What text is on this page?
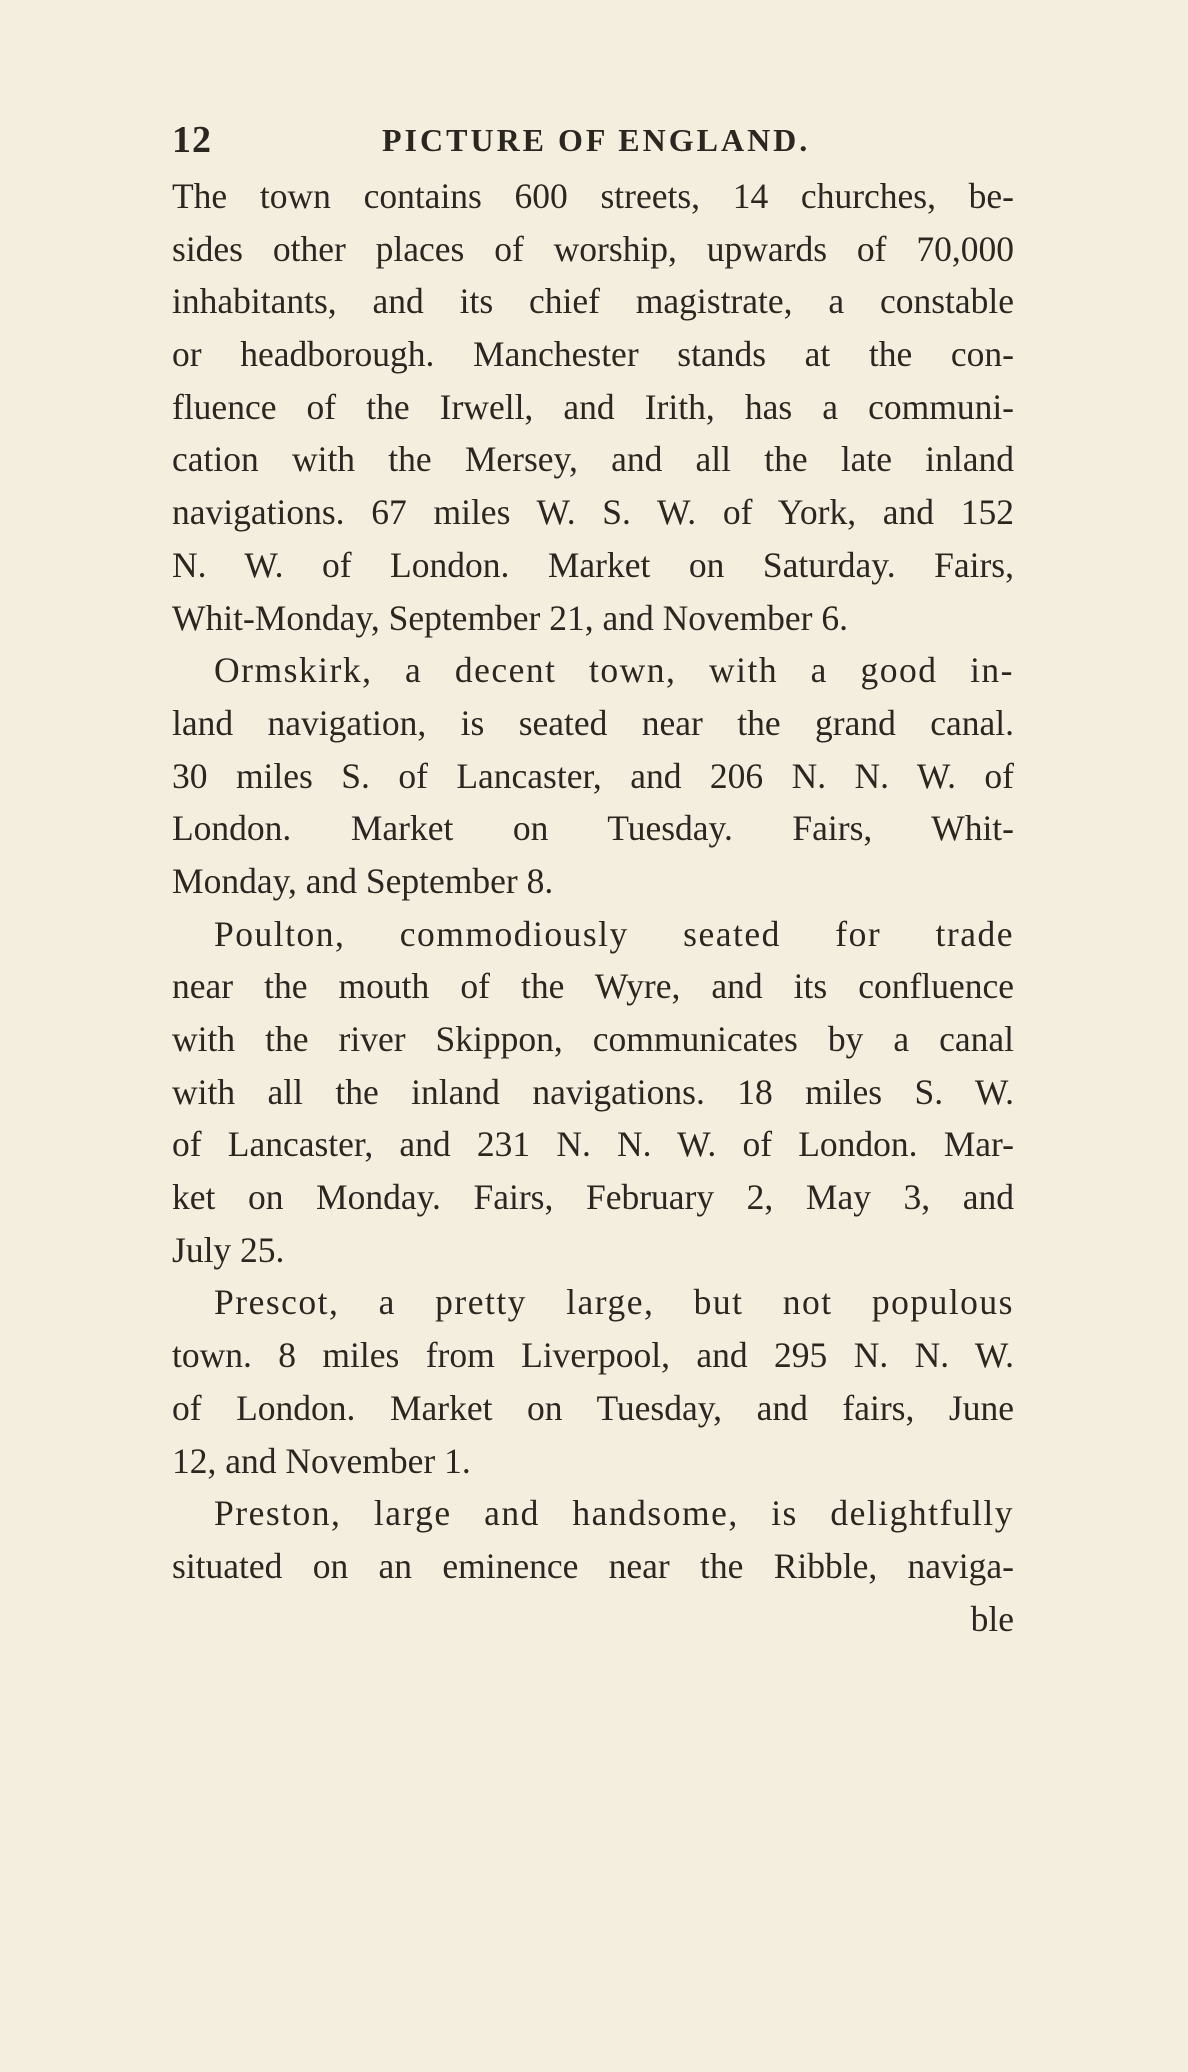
12	PICTURE OF ENGLAND.
The town contains 600 streets, 14 churches, be-
sides other places of worship, upwards of 70,000
inhabitants, and its chief magistrate, a constable
or headborough. Manchester stands at the con-
fluence of the Irwell, and Irith, has a communi-
cation with the Mersey, and all the late inland
navigations. 67 miles W. S. W. of York, and 152
N. W. of London. Market on Saturday. Fairs,
Whit-Monday, September 21, and November 6.
Ormskirk, a decent town, with a good in-
land navigation, is seated near the grand canal.
30 miles S. of Lancaster, and 206 N. N. W. of
London. Market on Tuesday. Fairs, Whit-
Monday, and September 8.
Poulton, commodiously seated for trade
near the mouth of the Wyre, and its confluence
with the river Skippon, communicates by a canal
with all the inland navigations. 18 miles S. W.
of Lancaster, and 231 N. N. W. of London. Mar-
ket on Monday. Fairs, February 2, May 3, and
July 25.
Prescot, a pretty large, but not populous
town. 8 miles from Liverpool, and 295 N. N. W.
of London. Market on Tuesday, and fairs, June
12, and November 1.
Preston, large and handsome, is delightfully
situated on an eminence near the Ribble, naviga-
ble
